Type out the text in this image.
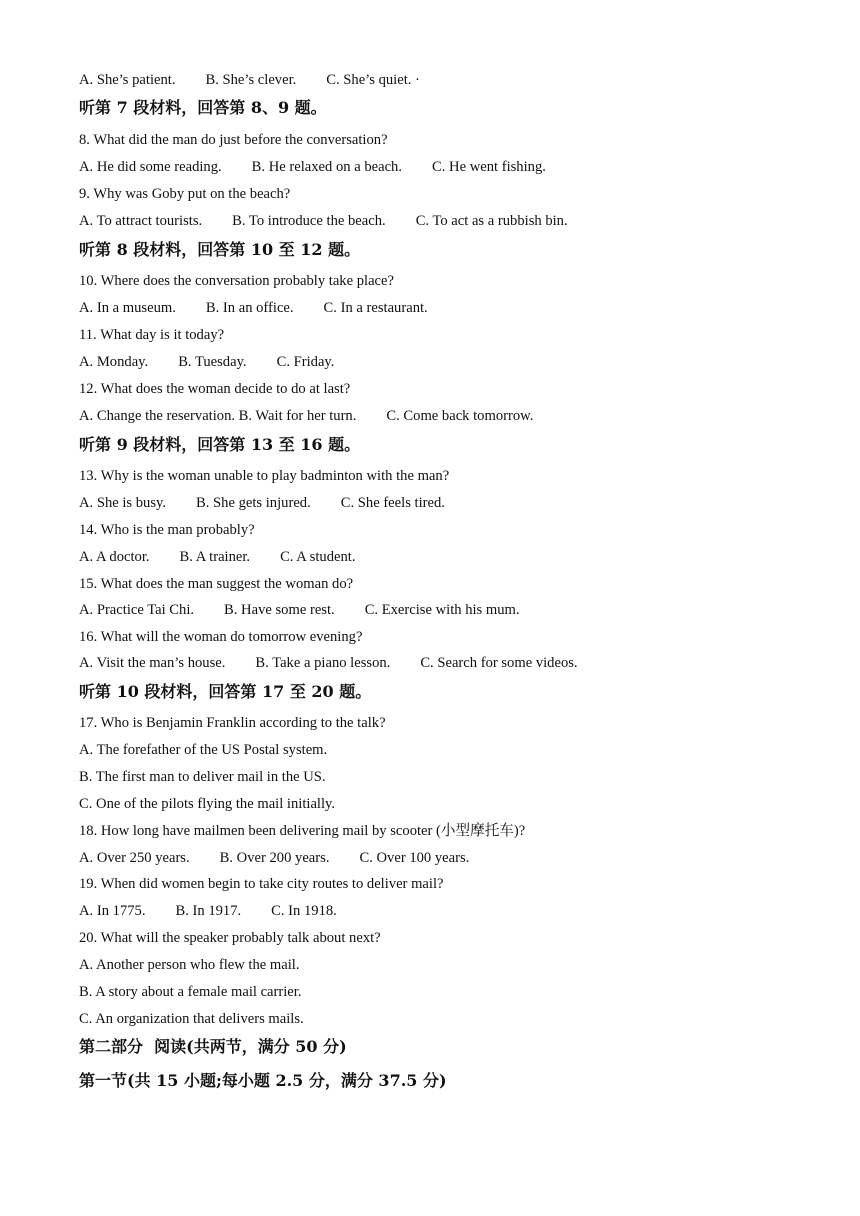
A. She’s patient. B. She’s clever. C. She’s quiet. ·
听第 7 段材料，回答第 8、9 题。
8. What did the man do just before the conversation?
A. He did some reading. B. He relaxed on a beach. C. He went fishing.
9. Why was Goby put on the beach?
A. To attract tourists. B. To introduce the beach. C. To act as a rubbish bin.
听第 8 段材料，回答第 10 至 12 题。
10. Where does the conversation probably take place?
A. In a museum. B. In an office. C. In a restaurant.
11. What day is it today?
A. Monday. B. Tuesday. C. Friday.
12. What does the woman decide to do at last?
A. Change the reservation. B. Wait for her turn. C. Come back tomorrow.
听第 9 段材料，回答第 13 至 16 题。
13. Why is the woman unable to play badminton with the man?
A. She is busy. B. She gets injured. C. She feels tired.
14. Who is the man probably?
A. A doctor. B. A trainer. C. A student.
15. What does the man suggest the woman do?
A. Practice Tai Chi. B. Have some rest. C. Exercise with his mum.
16. What will the woman do tomorrow evening?
A. Visit the man’s house. B. Take a piano lesson. C. Search for some videos.
听第 10 段材料，回答第 17 至 20 题。
17. Who is Benjamin Franklin according to the talk?
A. The forefather of the US Postal system.
B. The first man to deliver mail in the US.
C. One of the pilots flying the mail initially.
18. How long have mailmen been delivering mail by scooter (小型摩托车)?
A. Over 250 years. B. Over 200 years. C. Over 100 years.
19. When did women begin to take city routes to deliver mail?
A. In 1775. B. In 1917. C. In 1918.
20. What will the speaker probably talk about next?
A. Another person who flew the mail.
B. A story about a female mail carrier.
C. An organization that delivers mails.
第二部分  阅读(共两节，满分 50 分)
第一节(共 15 小题;每小题 2.5 分，满分 37.5 分)
